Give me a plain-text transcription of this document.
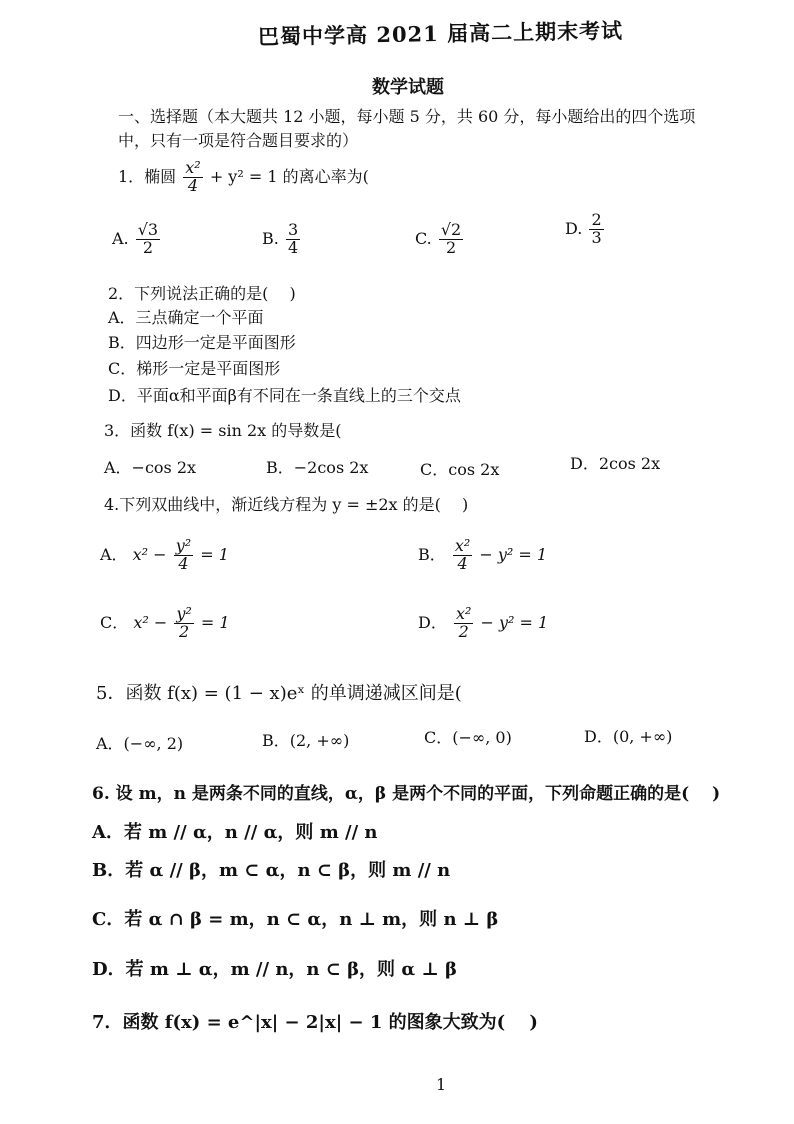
巴蜀中学高 2021 届高二上期末考试
数学试题
一、选择题（本大题共 12 小题，每小题 5 分，共 60 分，每小题给出的四个选项
中，只有一项是符合题目要求的）
1．椭圆 $\frac{\text{x²}}{4} + y^2 = 1$ 的离心率为(
A. $\frac{√3}{2}$	B. $\frac{3}{4}$	C. $\frac{√2}{2}$	D. $\frac{2}{3}$
2．下列说法正确的是(　 )
A．三点确定一个平面
B．四边形一定是平面图形
C．梯形一定是平面图形
D．平面α和平面β有不同在一条直线上的三个交点
3．函数 f(x) = sin 2x 的导数是(
A．−cos 2x	B．−2cos 2x	C．cos 2x	D．2cos 2x
4.下列双曲线中，渐近线方程为 y = ±2x 的是(　 )
A． $x^2 - \frac{\text{y²}}{4} = 1$	B． $\frac{\text{x²}}{4} - y^2 = 1$
C． $x^2 - \frac{\text{y²}}{2} = 1$	D． $\frac{\text{x²}}{2} - y^2 = 1$
5．函数 f(x) = (1 − x)eˣ 的单调递减区间是(
A．(−∞, 2)	B．(2, +∞)	C．(−∞, 0)	D．(0, +∞)
6. 设 m，n 是两条不同的直线，α，β 是两个不同的平面，下列命题正确的是(　 )
A．若 m // α，n // α，则 m // n
B．若 α // β，m ⊂ α，n ⊂ β，则 m // n
C．若 α ∩ β = m，n ⊂ α，n ⊥ m，则 n ⊥ β
D．若 m ⊥ α，m // n，n ⊂ β，则 α ⊥ β
7．函数 f(x) = e^|x| − 2|x| − 1 的图象大致为(　 )
1
